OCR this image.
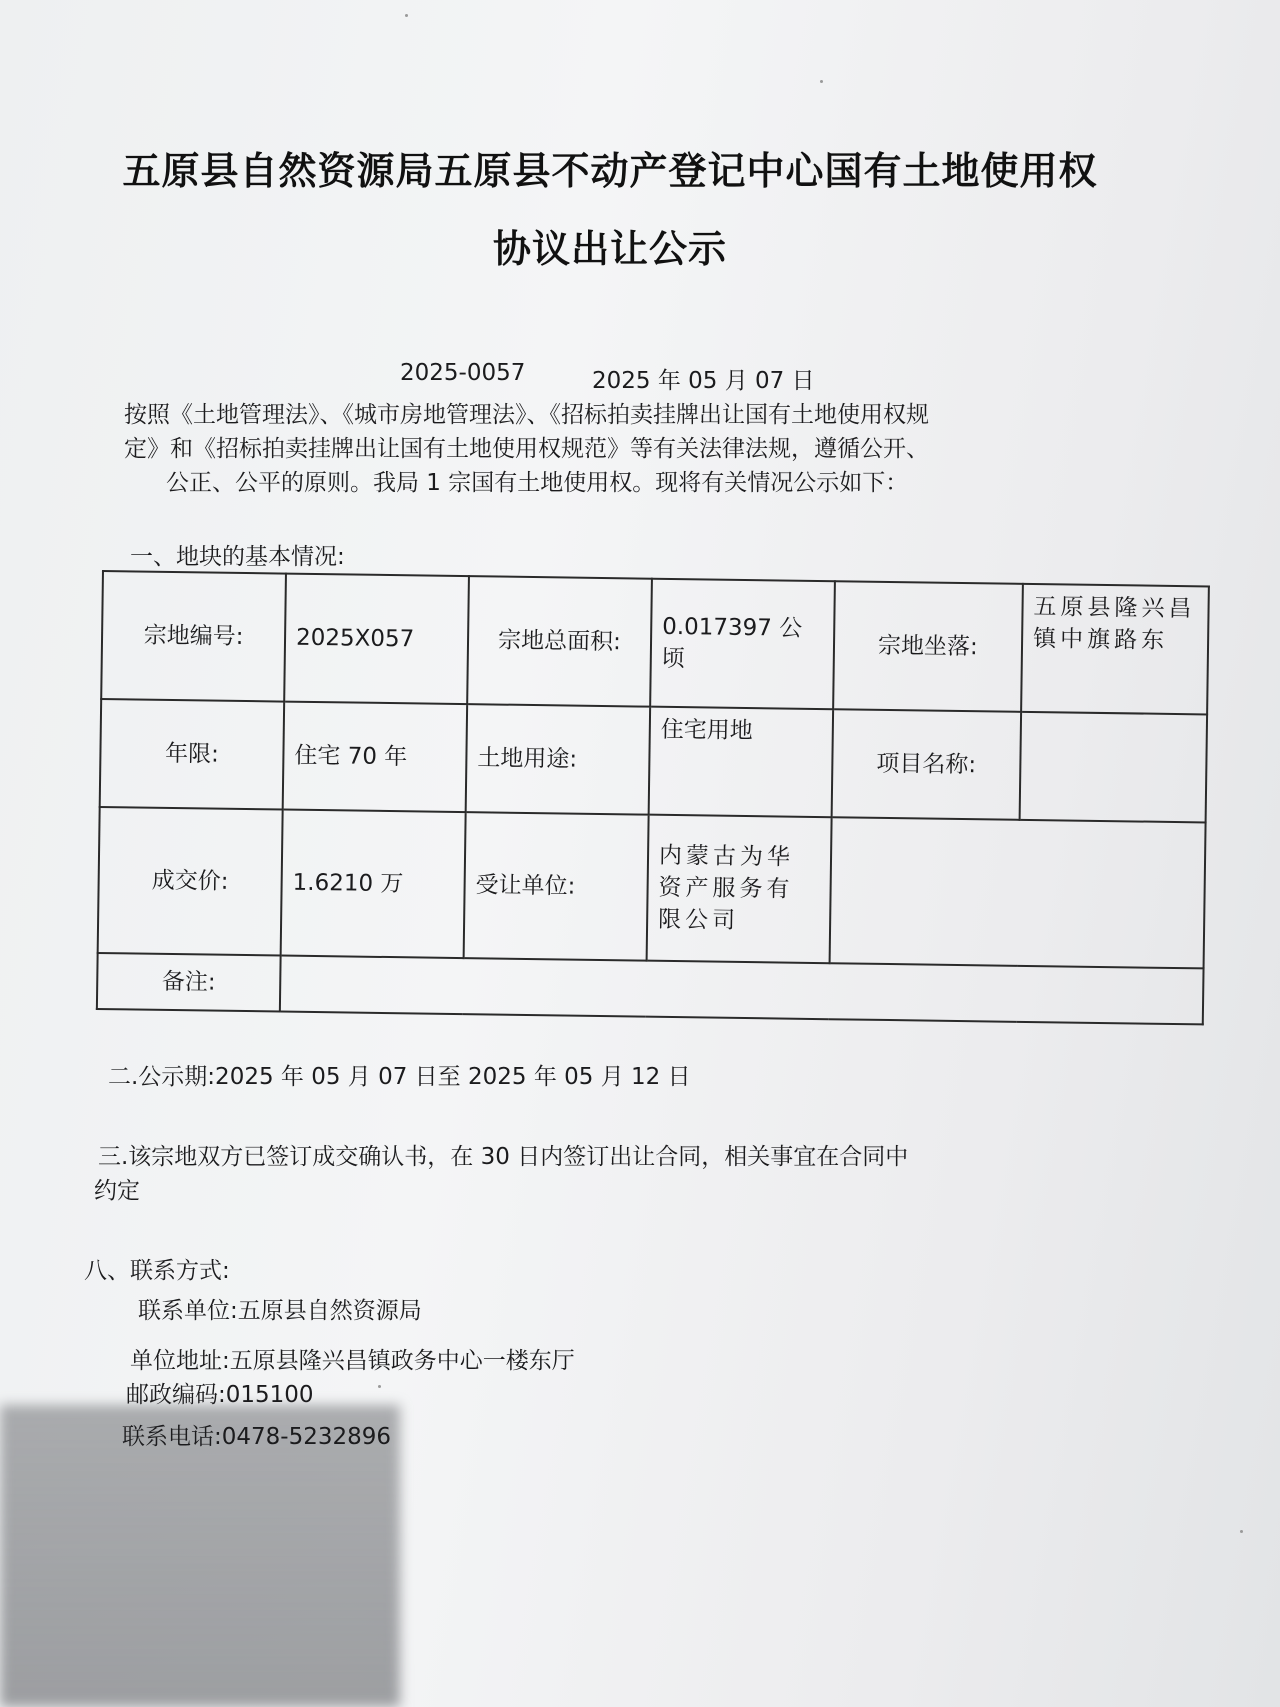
五原县自然资源局五原县不动产登记中心国有土地使用权
协议出让公示
2025-0057	2025 年 05 月 07 日
按照《土地管理法》、《城市房地管理法》、《招标拍卖挂牌出让国有土地使用权规
定》和《招标拍卖挂牌出让国有土地使用权规范》等有关法律法规，遵循公开、
公正、公平的原则。我局 1 宗国有土地使用权。现将有关情况公示如下：
一、地块的基本情况:
宗地编号:	2025X057	宗地总面积:	0.017397 公顷	宗地坐落:	五原县隆兴昌镇中旗路东
年限:	住宅 70 年	土地用途:	住宅用地	项目名称:	
成交价:	1.6210 万	受让单位:	内蒙古为华资产服务有限公司		
备注:					
二.公示期:2025 年 05 月 07 日至 2025 年 05 月 12 日
三.该宗地双方已签订成交确认书，在 30 日内签订出让合同，相关事宜在合同中
约定
八、联系方式:
联系单位:五原县自然资源局
单位地址:五原县隆兴昌镇政务中心一楼东厅
邮政编码:015100
联系电话:0478-5232896
